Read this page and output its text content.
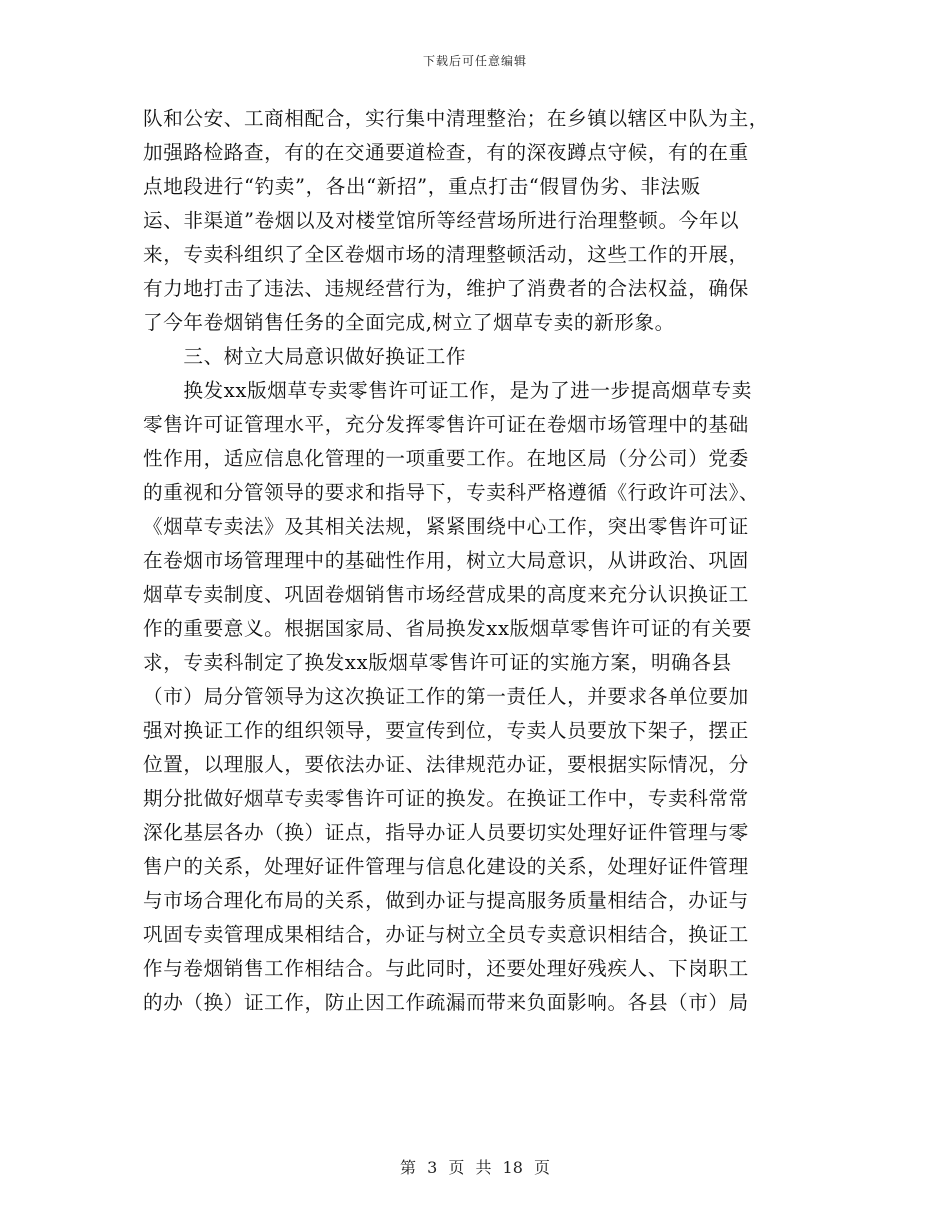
下载后可任意编辑
队和公安、工商相配合，实行集中清理整治；在乡镇以辖区中队为主，
加强路检路查，有的在交通要道检查，有的深夜蹲点守候，有的在重
点地段进行“钓卖”，各出“新招”，重点打击“假冒伪劣、非法贩
运、非渠道”卷烟以及对楼堂馆所等经营场所进行治理整顿。今年以
来，专卖科组织了全区卷烟市场的清理整顿活动，这些工作的开展，
有力地打击了违法、违规经营行为，维护了消费者的合法权益，确保
了今年卷烟销售任务的全面完成,树立了烟草专卖的新形象。
　　三、树立大局意识做好换证工作
　　换发xx版烟草专卖零售许可证工作，是为了进一步提高烟草专卖
零售许可证管理水平，充分发挥零售许可证在卷烟市场管理中的基础
性作用，适应信息化管理的一项重要工作。在地区局（分公司）党委
的重视和分管领导的要求和指导下，专卖科严格遵循《行政许可法》、
《烟草专卖法》及其相关法规，紧紧围绕中心工作，突出零售许可证
在卷烟市场管理理中的基础性作用，树立大局意识，从讲政治、巩固
烟草专卖制度、巩固卷烟销售市场经营成果的高度来充分认识换证工
作的重要意义。根据国家局、省局换发xx版烟草零售许可证的有关要
求，专卖科制定了换发xx版烟草零售许可证的实施方案，明确各县
（市）局分管领导为这次换证工作的第一责任人，并要求各单位要加
强对换证工作的组织领导，要宣传到位，专卖人员要放下架子，摆正
位置，以理服人，要依法办证、法律规范办证，要根据实际情况，分
期分批做好烟草专卖零售许可证的换发。在换证工作中，专卖科常常
深化基层各办（换）证点，指导办证人员要切实处理好证件管理与零
售户的关系，处理好证件管理与信息化建设的关系，处理好证件管理
与市场合理化布局的关系，做到办证与提高服务质量相结合，办证与
巩固专卖管理成果相结合，办证与树立全员专卖意识相结合，换证工
作与卷烟销售工作相结合。与此同时，还要处理好残疾人、下岗职工
的办（换）证工作，防止因工作疏漏而带来负面影响。各县（市）局
第 3 页 共 18 页
